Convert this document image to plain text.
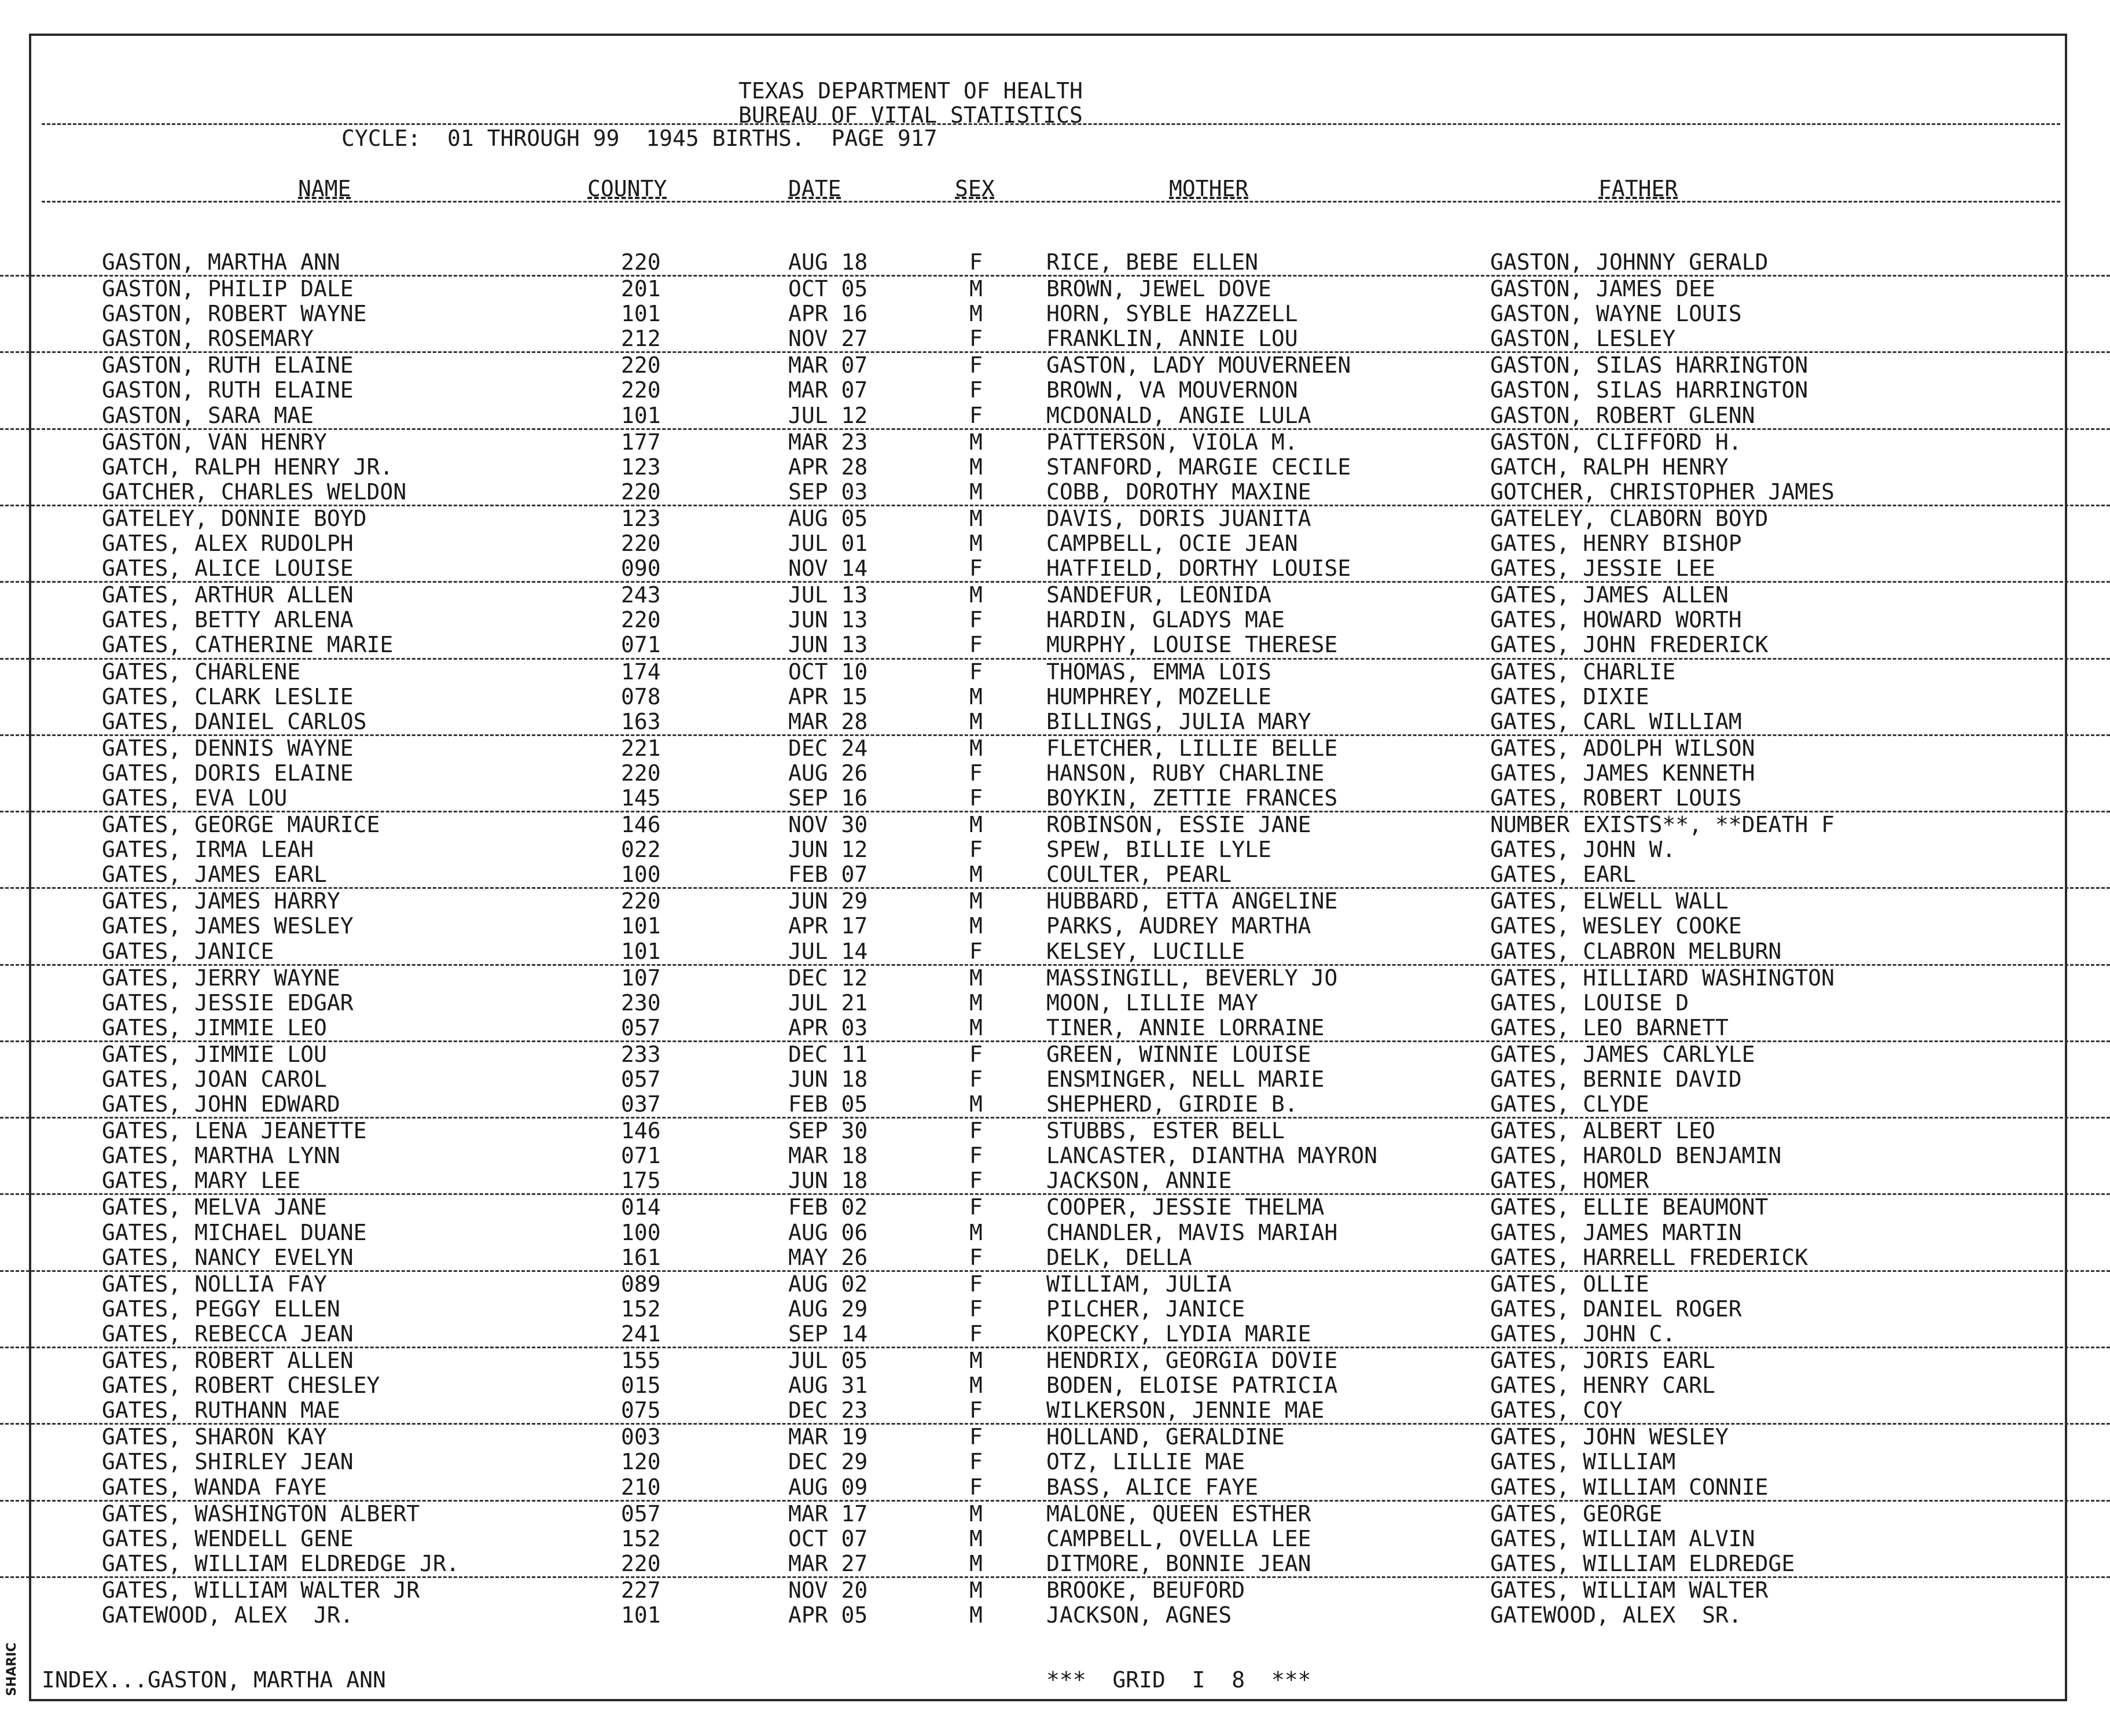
SHARIC
TEXAS DEPARTMENT OF HEALTH
BUREAU OF VITAL STATISTICS
CYCLE:  01 THROUGH 99  1945 BIRTHS.  PAGE 917
NAME	COUNTY	DATE	SEX	MOTHER	FATHER
GASTON, MARTHA ANN	220	AUG 18	F	RICE, BEBE ELLEN	GASTON, JOHNNY GERALD
GASTON, PHILIP DALE	201	OCT 05	M	BROWN, JEWEL DOVE	GASTON, JAMES DEE
GASTON, ROBERT WAYNE	101	APR 16	M	HORN, SYBLE HAZZELL	GASTON, WAYNE LOUIS
GASTON, ROSEMARY	212	NOV 27	F	FRANKLIN, ANNIE LOU	GASTON, LESLEY
GASTON, RUTH ELAINE	220	MAR 07	F	GASTON, LADY MOUVERNEEN	GASTON, SILAS HARRINGTON
GASTON, RUTH ELAINE	220	MAR 07	F	BROWN, VA MOUVERNON	GASTON, SILAS HARRINGTON
GASTON, SARA MAE	101	JUL 12	F	MCDONALD, ANGIE LULA	GASTON, ROBERT GLENN
GASTON, VAN HENRY	177	MAR 23	M	PATTERSON, VIOLA M.	GASTON, CLIFFORD H.
GATCH, RALPH HENRY JR.	123	APR 28	M	STANFORD, MARGIE CECILE	GATCH, RALPH HENRY
GATCHER, CHARLES WELDON	220	SEP 03	M	COBB, DOROTHY MAXINE	GOTCHER, CHRISTOPHER JAMES
GATELEY, DONNIE BOYD	123	AUG 05	M	DAVIS, DORIS JUANITA	GATELEY, CLABORN BOYD
GATES, ALEX RUDOLPH	220	JUL 01	M	CAMPBELL, OCIE JEAN	GATES, HENRY BISHOP
GATES, ALICE LOUISE	090	NOV 14	F	HATFIELD, DORTHY LOUISE	GATES, JESSIE LEE
GATES, ARTHUR ALLEN	243	JUL 13	M	SANDEFUR, LEONIDA	GATES, JAMES ALLEN
GATES, BETTY ARLENA	220	JUN 13	F	HARDIN, GLADYS MAE	GATES, HOWARD WORTH
GATES, CATHERINE MARIE	071	JUN 13	F	MURPHY, LOUISE THERESE	GATES, JOHN FREDERICK
GATES, CHARLENE	174	OCT 10	F	THOMAS, EMMA LOIS	GATES, CHARLIE
GATES, CLARK LESLIE	078	APR 15	M	HUMPHREY, MOZELLE	GATES, DIXIE
GATES, DANIEL CARLOS	163	MAR 28	M	BILLINGS, JULIA MARY	GATES, CARL WILLIAM
GATES, DENNIS WAYNE	221	DEC 24	M	FLETCHER, LILLIE BELLE	GATES, ADOLPH WILSON
GATES, DORIS ELAINE	220	AUG 26	F	HANSON, RUBY CHARLINE	GATES, JAMES KENNETH
GATES, EVA LOU	145	SEP 16	F	BOYKIN, ZETTIE FRANCES	GATES, ROBERT LOUIS
GATES, GEORGE MAURICE	146	NOV 30	M	ROBINSON, ESSIE JANE	NUMBER EXISTS**, **DEATH F
GATES, IRMA LEAH	022	JUN 12	F	SPEW, BILLIE LYLE	GATES, JOHN W.
GATES, JAMES EARL	100	FEB 07	M	COULTER, PEARL	GATES, EARL
GATES, JAMES HARRY	220	JUN 29	M	HUBBARD, ETTA ANGELINE	GATES, ELWELL WALL
GATES, JAMES WESLEY	101	APR 17	M	PARKS, AUDREY MARTHA	GATES, WESLEY COOKE
GATES, JANICE	101	JUL 14	F	KELSEY, LUCILLE	GATES, CLABRON MELBURN
GATES, JERRY WAYNE	107	DEC 12	M	MASSINGILL, BEVERLY JO	GATES, HILLIARD WASHINGTON
GATES, JESSIE EDGAR	230	JUL 21	M	MOON, LILLIE MAY	GATES, LOUISE D
GATES, JIMMIE LEO	057	APR 03	M	TINER, ANNIE LORRAINE	GATES, LEO BARNETT
GATES, JIMMIE LOU	233	DEC 11	F	GREEN, WINNIE LOUISE	GATES, JAMES CARLYLE
GATES, JOAN CAROL	057	JUN 18	F	ENSMINGER, NELL MARIE	GATES, BERNIE DAVID
GATES, JOHN EDWARD	037	FEB 05	M	SHEPHERD, GIRDIE B.	GATES, CLYDE
GATES, LENA JEANETTE	146	SEP 30	F	STUBBS, ESTER BELL	GATES, ALBERT LEO
GATES, MARTHA LYNN	071	MAR 18	F	LANCASTER, DIANTHA MAYRON	GATES, HAROLD BENJAMIN
GATES, MARY LEE	175	JUN 18	F	JACKSON, ANNIE	GATES, HOMER
GATES, MELVA JANE	014	FEB 02	F	COOPER, JESSIE THELMA	GATES, ELLIE BEAUMONT
GATES, MICHAEL DUANE	100	AUG 06	M	CHANDLER, MAVIS MARIAH	GATES, JAMES MARTIN
GATES, NANCY EVELYN	161	MAY 26	F	DELK, DELLA	GATES, HARRELL FREDERICK
GATES, NOLLIA FAY	089	AUG 02	F	WILLIAM, JULIA	GATES, OLLIE
GATES, PEGGY ELLEN	152	AUG 29	F	PILCHER, JANICE	GATES, DANIEL ROGER
GATES, REBECCA JEAN	241	SEP 14	F	KOPECKY, LYDIA MARIE	GATES, JOHN C.
GATES, ROBERT ALLEN	155	JUL 05	M	HENDRIX, GEORGIA DOVIE	GATES, JORIS EARL
GATES, ROBERT CHESLEY	015	AUG 31	M	BODEN, ELOISE PATRICIA	GATES, HENRY CARL
GATES, RUTHANN MAE	075	DEC 23	F	WILKERSON, JENNIE MAE	GATES, COY
GATES, SHARON KAY	003	MAR 19	F	HOLLAND, GERALDINE	GATES, JOHN WESLEY
GATES, SHIRLEY JEAN	120	DEC 29	F	OTZ, LILLIE MAE	GATES, WILLIAM
GATES, WANDA FAYE	210	AUG 09	F	BASS, ALICE FAYE	GATES, WILLIAM CONNIE
GATES, WASHINGTON ALBERT	057	MAR 17	M	MALONE, QUEEN ESTHER	GATES, GEORGE
GATES, WENDELL GENE	152	OCT 07	M	CAMPBELL, OVELLA LEE	GATES, WILLIAM ALVIN
GATES, WILLIAM ELDREDGE JR.	220	MAR 27	M	DITMORE, BONNIE JEAN	GATES, WILLIAM ELDREDGE
GATES, WILLIAM WALTER JR	227	NOV 20	M	BROOKE, BEUFORD	GATES, WILLIAM WALTER
GATEWOOD, ALEX  JR.	101	APR 05	M	JACKSON, AGNES	GATEWOOD, ALEX  SR.
INDEX...GASTON, MARTHA ANN	***  GRID  I  8  ***
